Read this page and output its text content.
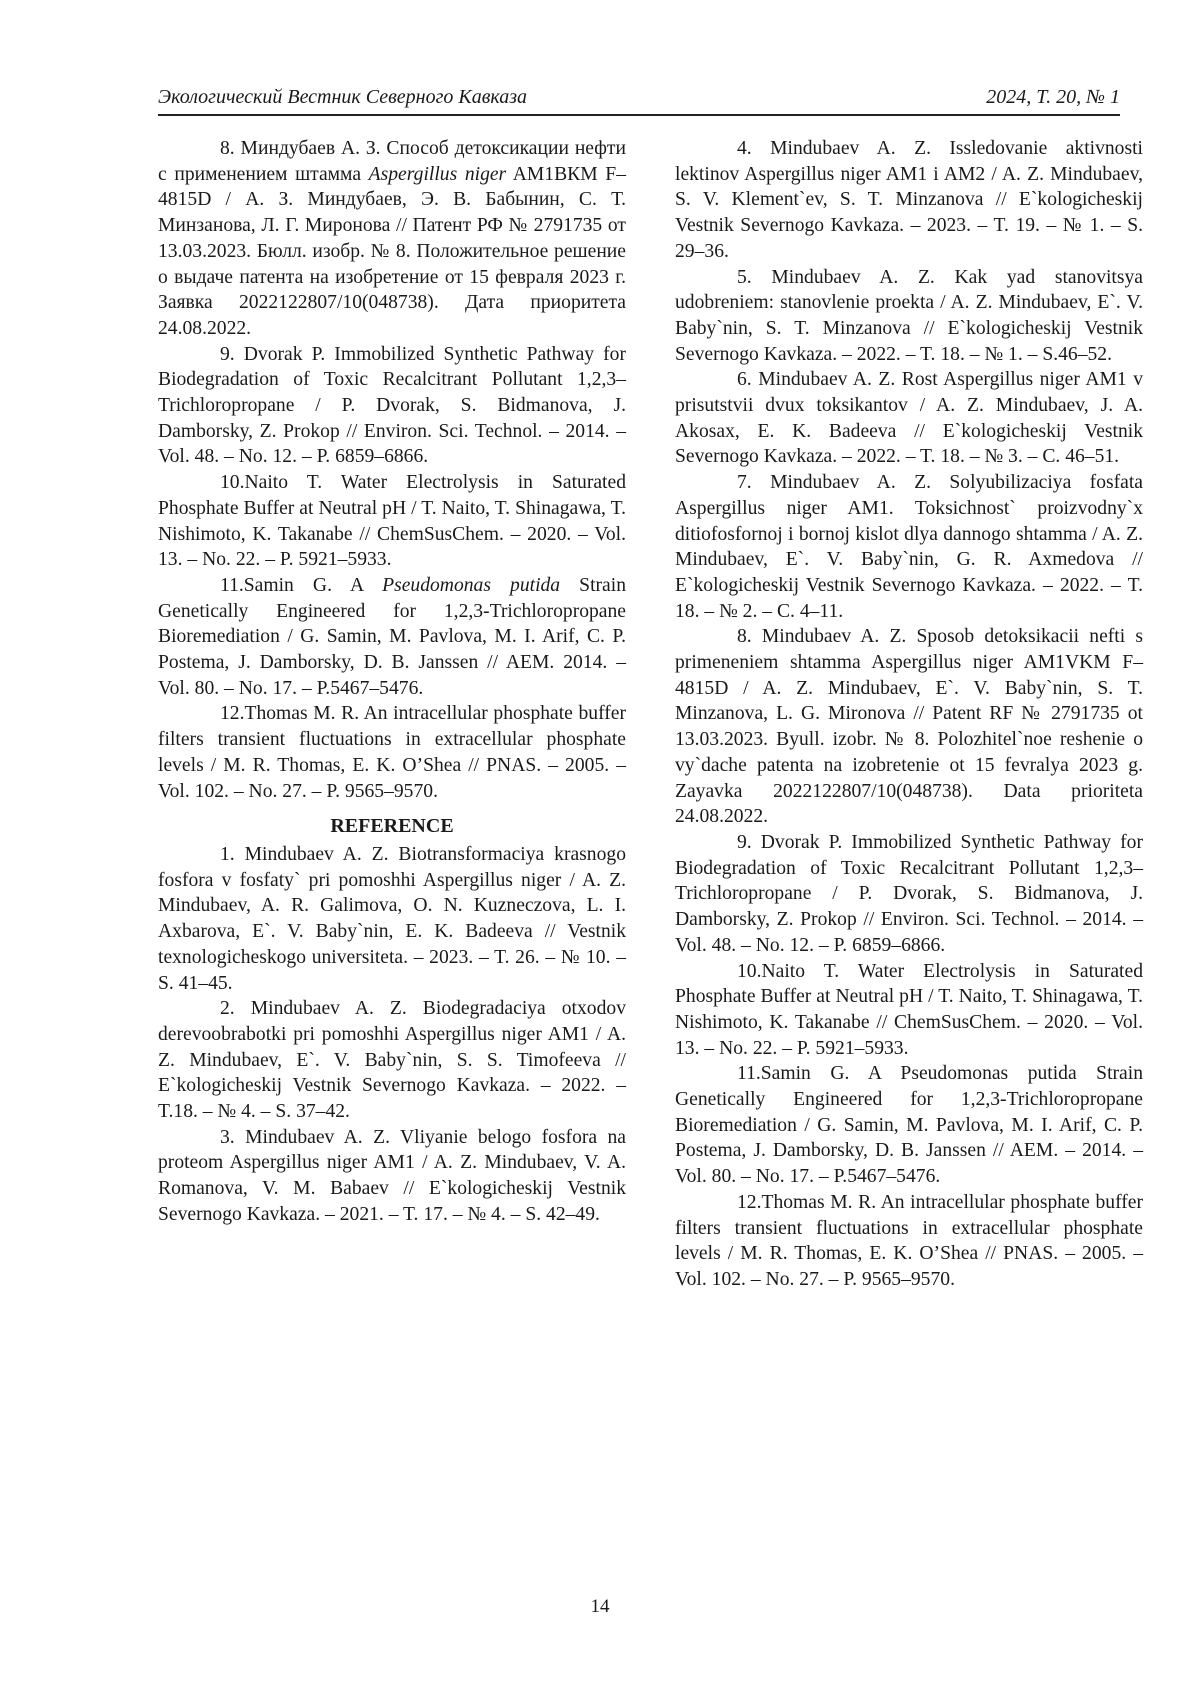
Экологический Вестник Северного Кавказа	2024, Т. 20, № 1

8. Миндубаев А. З. Способ детоксикации нефти с применением штамма Aspergillus niger AM1ВКМ F–4815D / А. З. Миндубаев, Э. В. Бабынин, С. Т. Минзанова, Л. Г. Миронова // Патент РФ № 2791735 от 13.03.2023. Бюлл. изобр. № 8. Положительное решение о выдаче патента на изобретение от 15 февраля 2023 г. Заявка 2022122807/10(048738). Дата приоритета 24.08.2022.

9. Dvorak P. Immobilized Synthetic Pathway for Biodegradation of Toxic Recalcitrant Pollutant 1,2,3–Trichloropropane / P. Dvorak, S. Bidmanova, J. Damborsky, Z. Prokop // Environ. Sci. Technol. – 2014. – Vol. 48. – No. 12. – P. 6859–6866.

10.Naito T. Water Electrolysis in Saturated Phosphate Buffer at Neutral pH / T. Naito, T. Shinagawa, T. Nishimoto, K. Takanabe // ChemSusChem. – 2020. – Vol. 13. – No. 22. – P. 5921–5933.

11.Samin G. A Pseudomonas putida Strain Genetically Engineered for 1,2,3-Trichloropropane Bioremediation / G. Samin, M. Pavlova, M. I. Arif, C. P. Postema, J. Damborsky, D. B. Janssen // AEM. 2014. – Vol. 80. – No. 17. – P.5467–5476.

12.Thomas M. R. An intracellular phosphate buffer filters transient fluctuations in extracellular phosphate levels / M. R. Thomas, E. K. O’Shea // PNAS. – 2005. – Vol. 102. – No. 27. – P. 9565–9570.

REFERENCE

1. Mindubaev A. Z. Biotransformaciya krasnogo fosfora v fosfaty` pri pomoshhi Aspergillus niger / A. Z. Mindubaev, A. R. Galimova, O. N. Kuzneczova, L. I. Axbarova, E`. V. Baby`nin, E. K. Badeeva // Vestnik texnologicheskogo universiteta. – 2023. – T. 26. – № 10. – S. 41–45.

2. Mindubaev A. Z. Biodegradaciya otxodov derevoobrabotki pri pomoshhi Aspergillus niger AM1 / A. Z. Mindubaev, E`. V. Baby`nin, S. S. Timofeeva // E`kologicheskij Vestnik Severnogo Kavkaza. – 2022. – T.18. – № 4. – S. 37–42.

3. Mindubaev A. Z. Vliyanie belogo fosfora na proteom Aspergillus niger AM1 / A. Z. Mindubaev, V. A. Romanova, V. M. Babaev // E`kologicheskij Vestnik Severnogo Kavkaza. – 2021. – T. 17. – № 4. – S. 42–49.

4. Mindubaev A. Z. Issledovanie aktivnosti lektinov Aspergillus niger AM1 i AM2 / A. Z. Mindubaev, S. V. Klement`ev, S. T. Minzanova // E`kologicheskij Vestnik Severnogo Kavkaza. – 2023. – T. 19. – № 1. – S. 29–36.

5. Mindubaev A. Z. Kak yad stanovitsya udobreniem: stanovlenie proekta / A. Z. Mindubaev, E`. V. Baby`nin, S. T. Minzanova // E`kologicheskij Vestnik Severnogo Kavkaza. – 2022. – T. 18. – № 1. – S.46–52.

6. Mindubaev A. Z. Rost Aspergillus niger AM1 v prisutstvii dvux toksikantov / A. Z. Mindubaev, J. A. Akosax, E. K. Badeeva // E`kologicheskij Vestnik Severnogo Kavkaza. – 2022. – T. 18. – № 3. – C. 46–51.

7. Mindubaev A. Z. Solyubilizaciya fosfata Aspergillus niger AM1. Toksichnost` proizvodny`x ditiofosfornoj i bornoj kislot dlya dannogo shtamma / A. Z. Mindubaev, E`. V. Baby`nin, G. R. Axmedova // E`kologicheskij Vestnik Severnogo Kavkaza. – 2022. – T. 18. – № 2. – C. 4–11.

8. Mindubaev A. Z. Sposob detoksikacii nefti s primeneniem shtamma Aspergillus niger AM1VKM F–4815D / A. Z. Mindubaev, E`. V. Baby`nin, S. T. Minzanova, L. G. Mironova // Patent RF № 2791735 ot 13.03.2023. Byull. izobr. № 8. Polozhitel`noe reshenie o vy`dache patenta na izobretenie ot 15 fevralya 2023 g. Zayavka 2022122807/10(048738). Data prioriteta 24.08.2022.

9. Dvorak P. Immobilized Synthetic Pathway for Biodegradation of Toxic Recalcitrant Pollutant 1,2,3–Trichloropropane / P. Dvorak, S. Bidmanova, J. Damborsky, Z. Prokop // Environ. Sci. Technol. – 2014. – Vol. 48. – No. 12. – P. 6859–6866.

10.Naito T. Water Electrolysis in Saturated Phosphate Buffer at Neutral pH / T. Naito, T. Shinagawa, T. Nishimoto, K. Takanabe // ChemSusChem. – 2020. – Vol. 13. – No. 22. – P. 5921–5933.

11.Samin G. A Pseudomonas putida Strain Genetically Engineered for 1,2,3-Trichloropropane Bioremediation / G. Samin, M. Pavlova, M. I. Arif, C. P. Postema, J. Damborsky, D. B. Janssen // AEM. – 2014. – Vol. 80. – No. 17. – P.5467–5476.

12.Thomas M. R. An intracellular phosphate buffer filters transient fluctuations in extracellular phosphate levels / M. R. Thomas, E. K. O’Shea // PNAS. – 2005. – Vol. 102. – No. 27. – P. 9565–9570.

14
